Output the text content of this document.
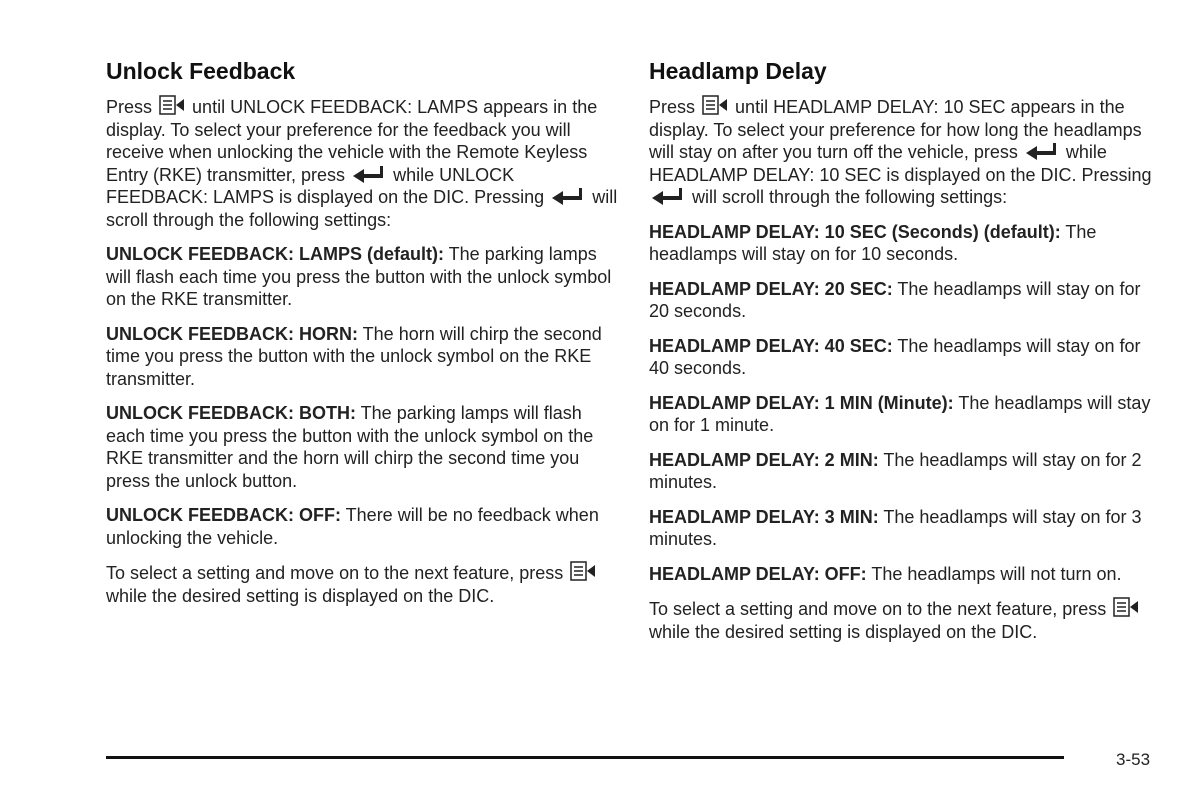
Unlock Feedback

Press until UNLOCK FEEDBACK: LAMPS appears in the display. To select your preference for the feedback you will receive when unlocking the vehicle with the Remote Keyless Entry (RKE) transmitter, press	while UNLOCK FEEDBACK: LAMPS is displayed on the DIC. Pressing	will scroll through the following settings:

UNLOCK FEEDBACK: LAMPS (default): The parking lamps will flash each time you press the button with the unlock symbol on the RKE transmitter.

UNLOCK FEEDBACK: HORN: The horn will chirp the second time you press the button with the unlock symbol on the RKE transmitter.

UNLOCK FEEDBACK: BOTH: The parking lamps will flash each time you press the button with the unlock symbol on the RKE transmitter and the horn will chirp the second time you press the unlock button.

UNLOCK FEEDBACK: OFF: There will be no feedback when unlocking the vehicle.

To select a setting and move on to the next feature, press  while the desired setting is displayed on the DIC.

Headlamp Delay

Press until HEADLAMP DELAY: 10 SEC appears in the display. To select your preference for how long the headlamps will stay on after you turn off the vehicle, press	while HEADLAMP DELAY: 10 SEC is displayed on the DIC. Pressing  will scroll through the following settings:

HEADLAMP DELAY: 10 SEC (Seconds) (default): The headlamps will stay on for 10 seconds.

HEADLAMP DELAY: 20 SEC: The headlamps will stay on for 20 seconds.

HEADLAMP DELAY: 40 SEC: The headlamps will stay on for 40 seconds.

HEADLAMP DELAY: 1 MIN (Minute): The headlamps will stay on for 1 minute.

HEADLAMP DELAY: 2 MIN: The headlamps will stay on for 2 minutes.

HEADLAMP DELAY: 3 MIN: The headlamps will stay on for 3 minutes.

HEADLAMP DELAY: OFF: The headlamps will not turn on.

To select a setting and move on to the next feature, press  while the desired setting is displayed on the DIC.

3-53
